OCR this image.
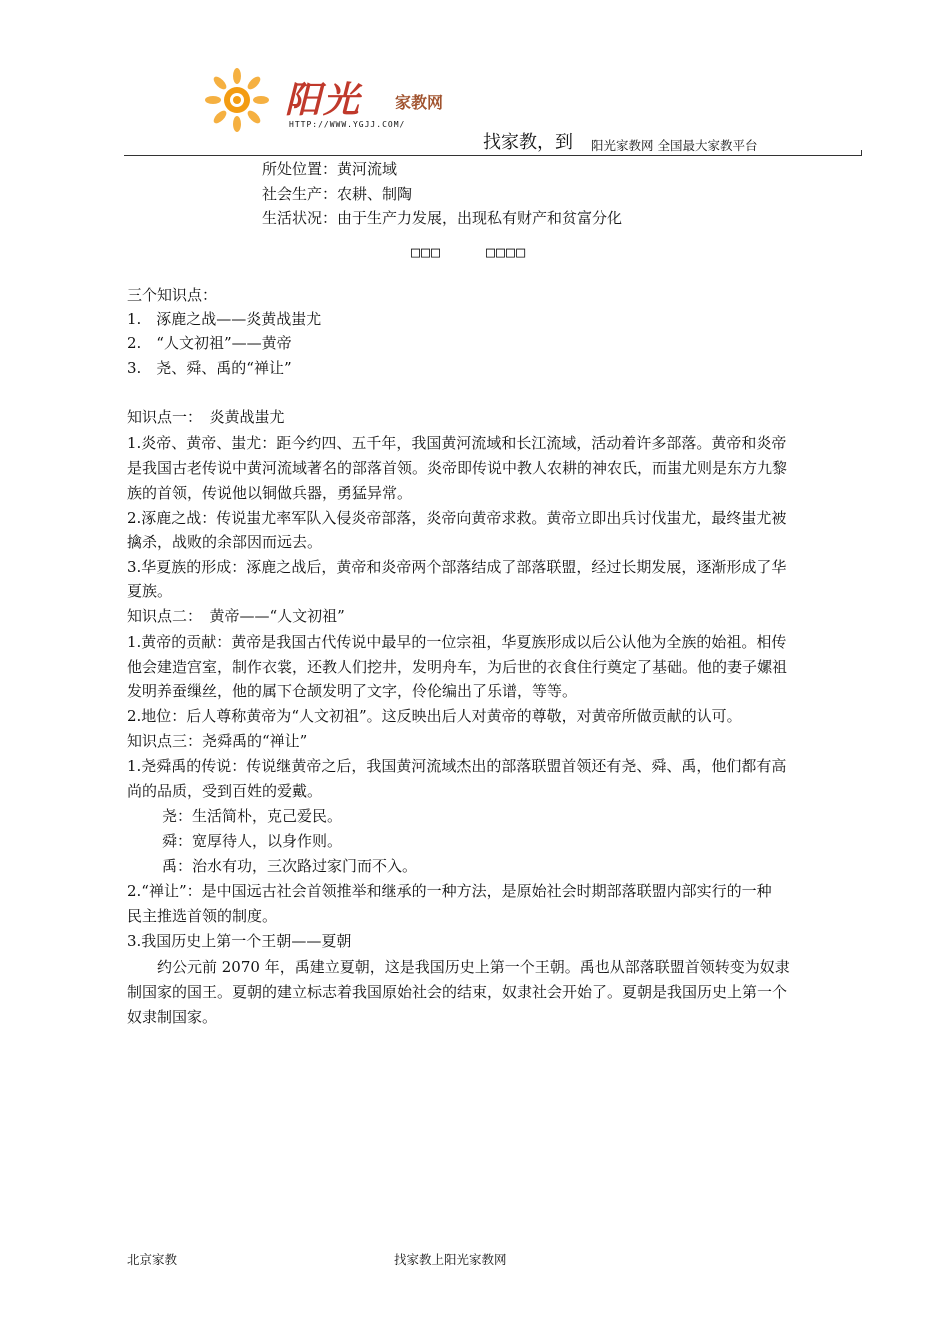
阳光 家教网
HTTP://WWW.YGJJ.COM/
找家教，到 阳光家教网 全国最大家教平台
所处位置：黄河流域
社会生产：农耕、制陶
生活状况：由于生产力发展，出现私有财产和贫富分化
□□□	□□□□
三个知识点：
1.　涿鹿之战——炎黄战蚩尤
2.　“人文初祖”——黄帝
3.　尧、舜、禹的“禅让”
知识点一：　炎黄战蚩尤
1.炎帝、黄帝、蚩尤：距今约四、五千年，我国黄河流域和长江流域，活动着许多部落。黄帝和炎帝
是我国古老传说中黄河流域著名的部落首领。炎帝即传说中教人农耕的神农氏，而蚩尤则是东方九黎
族的首领，传说他以铜做兵器，勇猛异常。
2.涿鹿之战：传说蚩尤率军队入侵炎帝部落，炎帝向黄帝求救。黄帝立即出兵讨伐蚩尤，最终蚩尤被
擒杀，战败的余部因而远去。
3.华夏族的形成：涿鹿之战后，黄帝和炎帝两个部落结成了部落联盟，经过长期发展，逐渐形成了华
夏族。
知识点二：　黄帝——“人文初祖”
1.黄帝的贡献：黄帝是我国古代传说中最早的一位宗祖，华夏族形成以后公认他为全族的始祖。相传
他会建造宫室，制作衣裳，还教人们挖井，发明舟车，为后世的衣食住行奠定了基础。他的妻子嫘祖
发明养蚕缫丝，他的属下仓颉发明了文字，伶伦编出了乐谱，等等。
2.地位：后人尊称黄帝为“人文初祖”。这反映出后人对黄帝的尊敬，对黄帝所做贡献的认可。
知识点三：尧舜禹的“禅让”
1.尧舜禹的传说：传说继黄帝之后，我国黄河流域杰出的部落联盟首领还有尧、舜、禹，他们都有高
尚的品质，受到百姓的爱戴。
　尧：生活简朴，克己爱民。
　舜：宽厚待人，以身作则。
　禹：治水有功，三次路过家门而不入。
2.“禅让”：是中国远古社会首领推举和继承的一种方法，是原始社会时期部落联盟内部实行的一种
民主推选首领的制度。
3.我国历史上第一个王朝——夏朝
　约公元前 2070 年，禹建立夏朝，这是我国历史上第一个王朝。禹也从部落联盟首领转变为奴隶
制国家的国王。夏朝的建立标志着我国原始社会的结束，奴隶社会开始了。夏朝是我国历史上第一个
奴隶制国家。
北京家教	找家教上阳光家教网
